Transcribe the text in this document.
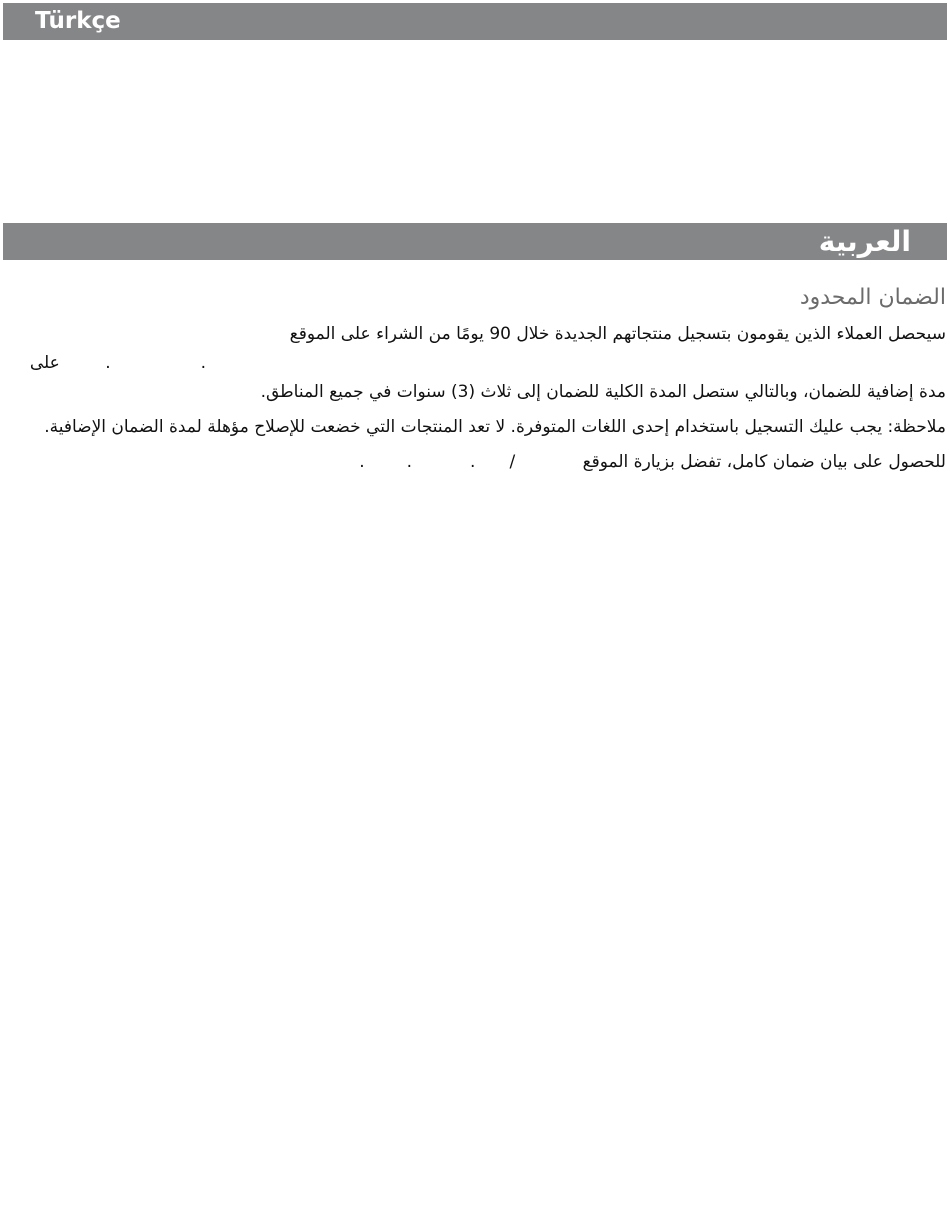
Türkçe
العربية
الضمان المحدود

سيحصل العملاء الذين يقومون بتسجيل منتجاتهم الجديدة خلال 90 يومًا من الشراء على الموقع .. على مدة إضافية للضمان، وبالتالي ستصل المدة الكلية للضمان إلى ثلاث (3) سنوات في جميع المناطق.

ملاحظة: يجب عليك التسجيل باستخدام إحدى اللغات المتوفرة. لا تعد المنتجات التي خضعت للإصلاح مؤهلة لمدة الضمان الإضافية.

للحصول على بيان ضمان كامل، تفضل بزيارة الموقع /...
